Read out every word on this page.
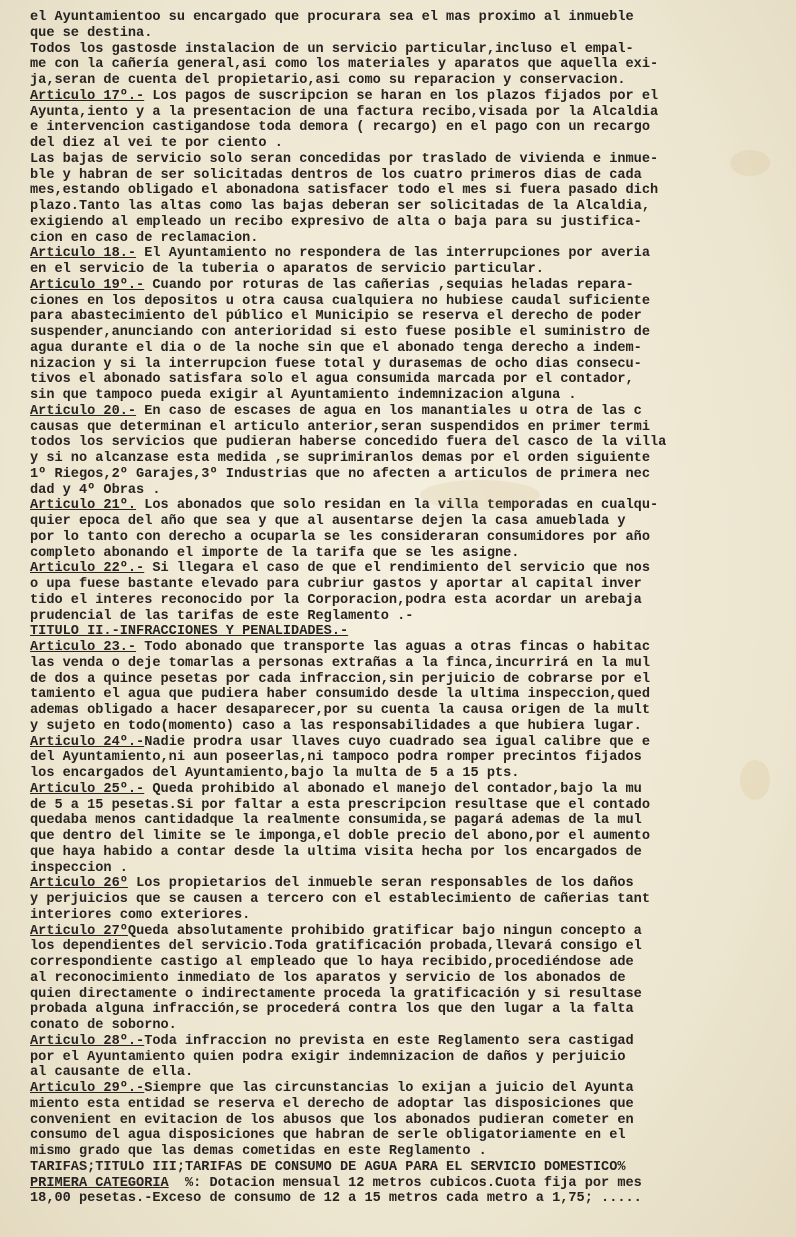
el Ayuntamientoo su encargado que procurara sea el mas proximo al inmueble
que se destina.
Todos los gastosde instalacion de un servicio particular,incluso el empal-
me con la cañería general,asi como los materiales y aparatos que aquella exi-
ja,seran de cuenta del propietario,asi como su reparacion y conservacion.
Articulo 17º.- Los pagos de suscripcion se haran en los plazos fijados por el
Ayunta,iento y a la presentacion de una factura recibo,visada por la Alcaldia
e intervencion castigandose toda demora ( recargo) en el pago con un recargo
del diez al vei te por ciento .
Las bajas de servicio solo seran concedidas por traslado de vivienda e inmue-
ble y habran de ser solicitadas dentros de los cuatro primeros dias de cada
mes,estando obligado el abonadona satisfacer todo el mes si fuera pasado dich
plazo.Tanto las altas como las bajas deberan ser solicitadas de la Alcaldia,
exigiendo al empleado un recibo expresivo de alta o baja para su justifica-
cion en caso de reclamacion.
Articulo 18.- El Ayuntamiento no respondera de las interrupciones por averia
en el servicio de la tuberia o aparatos de servicio particular.
Articulo 19º.- Cuando por roturas de las cañerias ,sequias heladas repara-
ciones en los depositos u otra causa cualquiera no hubiese caudal suficiente
para abastecimiento del público el Municipio se reserva el derecho de poder
suspender,anunciando con anterioridad si esto fuese posible el suministro de
agua durante el dia o de la noche sin que el abonado tenga derecho a indem-
nizacion y si la interrupcion fuese total y durasemas de ocho dias consecu-
tivos el abonado satisfara solo el agua consumida marcada por el contador,
sin que tampoco pueda exigir al Ayuntamiento indemnizacion alguna .
Articulo 20.- En caso de escases de agua en los manantiales u otra de las c
causas que determinan el articulo anterior,seran suspendidos en primer termi
todos los servicios que pudieran haberse concedido fuera del casco de la villa
y si no alcanzase esta medida ,se suprimiranlos demas por el orden siguiente
1º Riegos,2º Garajes,3º Industrias que no afecten a articulos de primera nec
dad y 4º Obras .
Articulo 21º. Los abonados que solo residan en la villa temporadas en cualqu-
quier epoca del año que sea y que al ausentarse dejen la casa amueblada y
por lo tanto con derecho a ocuparla se les consideraran consumidores por año
completo abonando el importe de la tarifa que se les asigne.
Articulo 22º.- Si llegara el caso de que el rendimiento del servicio que nos
o upa fuese bastante elevado para cubriur gastos y aportar al capital inver
tido el interes reconocido por la Corporacion,podra esta acordar un arebaja
prudencial de las tarifas de este Reglamento .-
TITULO II.-INFRACCIONES Y PENALIDADES.-
Articulo 23.- Todo abonado que transporte las aguas a otras fincas o habitac
las venda o deje tomarlas a personas extrañas a la finca,incurrirá en la mul
de dos a quince pesetas por cada infraccion,sin perjuicio de cobrarse por el
tamiento el agua que pudiera haber consumido desde la ultima inspeccion,qued
ademas obligado a hacer desaparecer,por su cuenta la causa origen de la mult
y sujeto en todo(momento) caso a las responsabilidades a que hubiera lugar.
Articulo 24º.-Nadie prodra usar llaves cuyo cuadrado sea igual calibre que e
del Ayuntamiento,ni aun poseerlas,ni tampoco podra romper precintos fijados
los encargados del Ayuntamiento,bajo la multa de 5 a 15 pts.
Articulo 25º.- Queda prohibido al abonado el manejo del contador,bajo la mu
de 5 a 15 pesetas.Si por faltar a esta prescripcion resultase que el contado
quedaba menos cantidadque la realmente consumida,se pagará ademas de la mul
que dentro del limite se le imponga,el doble precio del abono,por el aumento
que haya habido a contar desde la ultima visita hecha por los encargados de
inspeccion .
Articulo 26º Los propietarios del inmueble seran responsables de los daños
y perjuicios que se causen a tercero con el establecimiento de cañerias tant
interiores como exteriores.
Articulo 27ºQueda absolutamente prohibido gratificar bajo ningun concepto a
los dependientes del servicio.Toda gratificación probada,llevará consigo el
correspondiente castigo al empleado que lo haya recibido,procediéndose ade
al reconocimiento inmediato de los aparatos y servicio de los abonados de
quien directamente o indirectamente proceda la gratificación y si resultase
probada alguna infracción,se procederá contra los que den lugar a la falta
conato de soborno.
Articulo 28º.-Toda infraccion no prevista en este Reglamento sera castigad
por el Ayuntamiento quien podra exigir indemnizacion de daños y perjuicio
al causante de ella.
Articulo 29º.-Siempre que las circunstancias lo exijan a juicio del Ayunta
miento esta entidad se reserva el derecho de adoptar las disposiciones que
convenient en evitacion de los abusos que los abonados pudieran cometer en
consumo del agua disposiciones que habran de serle obligatoriamente en el
mismo grado que las demas cometidas en este Reglamento .
TARIFAS;TITULO III;TARIFAS DE CONSUMO DE AGUA PARA EL SERVICIO DOMESTICO%
PRIMERA CATEGORIA  %: Dotacion mensual 12 metros cubicos.Cuota fija por mes
18,00 pesetas.-Exceso de consumo de 12 a 15 metros cada metro a 1,75; .....
